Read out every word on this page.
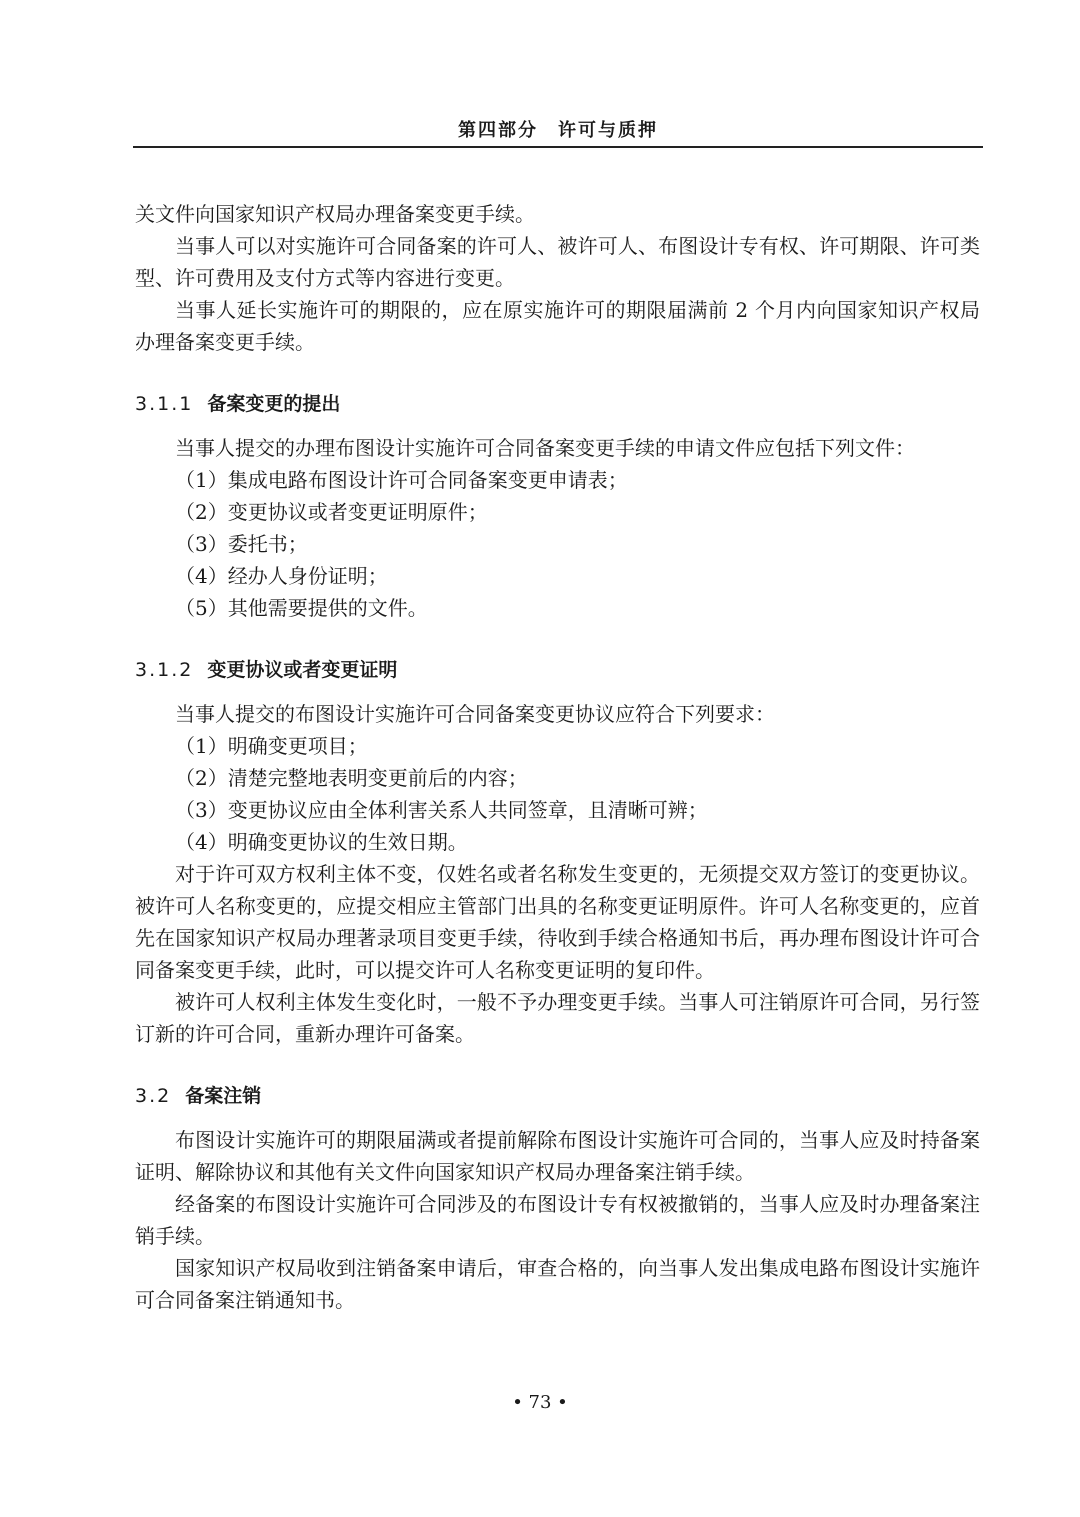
第四部分　许可与质押

关文件向国家知识产权局办理备案变更手续。

当事人可以对实施许可合同备案的许可人、被许可人、布图设计专有权、许可期限、许可类型、许可费用及支付方式等内容进行变更。

当事人延长实施许可的期限的，应在原实施许可的期限届满前 2 个月内向国家知识产权局办理备案变更手续。

3.1.1 备案变更的提出

当事人提交的办理布图设计实施许可合同备案变更手续的申请文件应包括下列文件：

（1）集成电路布图设计许可合同备案变更申请表；

（2）变更协议或者变更证明原件；

（3）委托书；

（4）经办人身份证明；

（5）其他需要提供的文件。

3.1.2 变更协议或者变更证明

当事人提交的布图设计实施许可合同备案变更协议应符合下列要求：

（1）明确变更项目；

（2）清楚完整地表明变更前后的内容；

（3）变更协议应由全体利害关系人共同签章，且清晰可辨；

（4）明确变更协议的生效日期。

对于许可双方权利主体不变，仅姓名或者名称发生变更的，无须提交双方签订的变更协议。被许可人名称变更的，应提交相应主管部门出具的名称变更证明原件。许可人名称变更的，应首先在国家知识产权局办理著录项目变更手续，待收到手续合格通知书后，再办理布图设计许可合同备案变更手续，此时，可以提交许可人名称变更证明的复印件。

被许可人权利主体发生变化时，一般不予办理变更手续。当事人可注销原许可合同，另行签订新的许可合同，重新办理许可备案。

3.2 备案注销

布图设计实施许可的期限届满或者提前解除布图设计实施许可合同的，当事人应及时持备案证明、解除协议和其他有关文件向国家知识产权局办理备案注销手续。

经备案的布图设计实施许可合同涉及的布图设计专有权被撤销的，当事人应及时办理备案注销手续。

国家知识产权局收到注销备案申请后，审查合格的，向当事人发出集成电路布图设计实施许可合同备案注销通知书。

• 73 •
